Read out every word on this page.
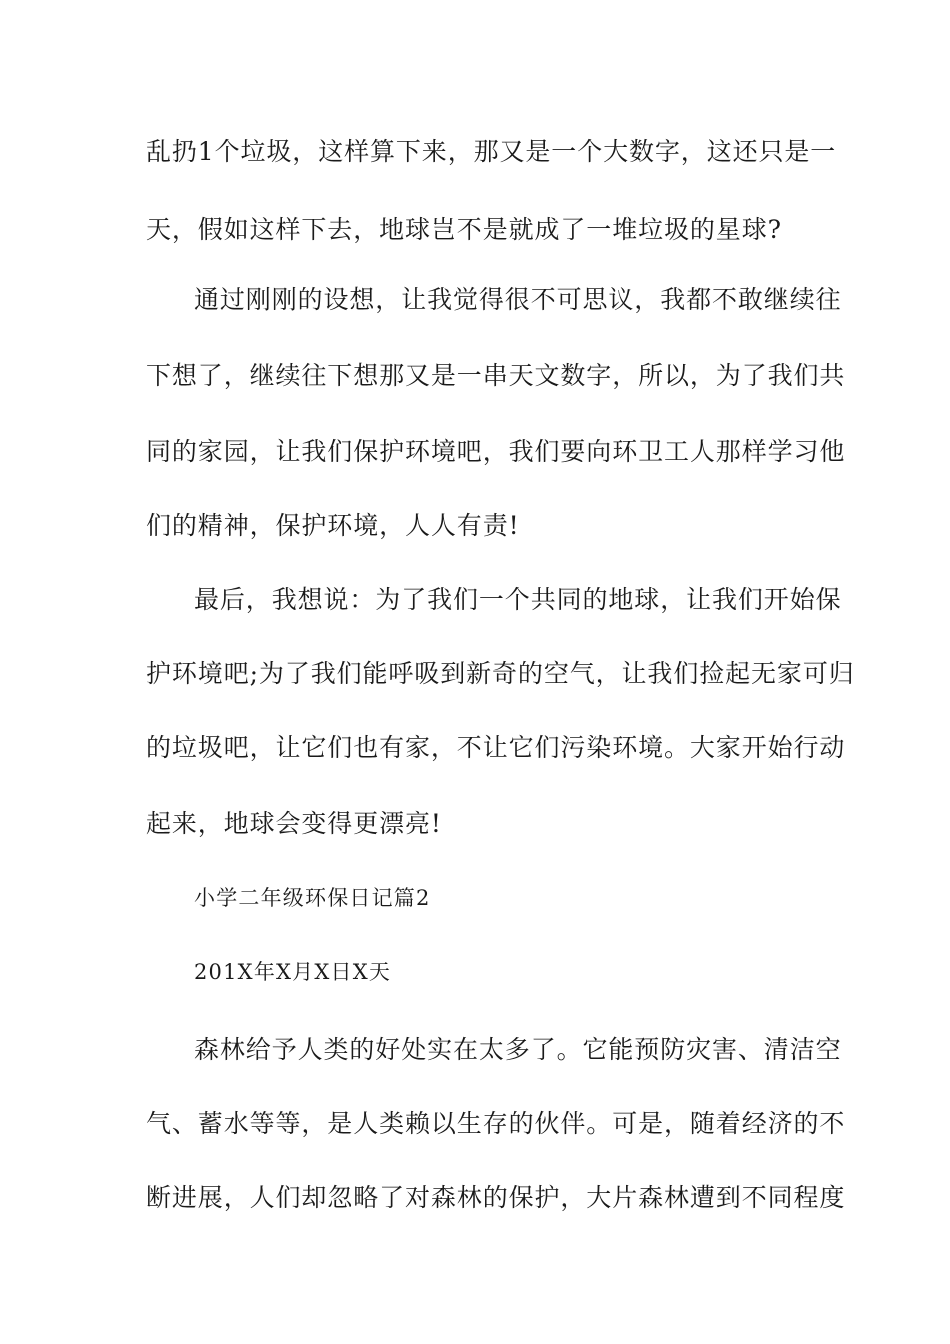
乱扔1个垃圾，这样算下来，那又是一个大数字，这还只是一
天，假如这样下去，地球岂不是就成了一堆垃圾的星球?
通过刚刚的设想，让我觉得很不可思议，我都不敢继续往
下想了，继续往下想那又是一串天文数字，所以，为了我们共
同的家园，让我们保护环境吧，我们要向环卫工人那样学习他
们的精神，保护环境，人人有责!
最后，我想说：为了我们一个共同的地球，让我们开始保
护环境吧;为了我们能呼吸到新奇的空气，让我们捡起无家可归
的垃圾吧，让它们也有家，不让它们污染环境。大家开始行动
起来，地球会变得更漂亮!
小学二年级环保日记篇2
201X年X月X日X天
森林给予人类的好处实在太多了。它能预防灾害、清洁空
气、蓄水等等，是人类赖以生存的伙伴。可是，随着经济的不
断进展，人们却忽略了对森林的保护，大片森林遭到不同程度
